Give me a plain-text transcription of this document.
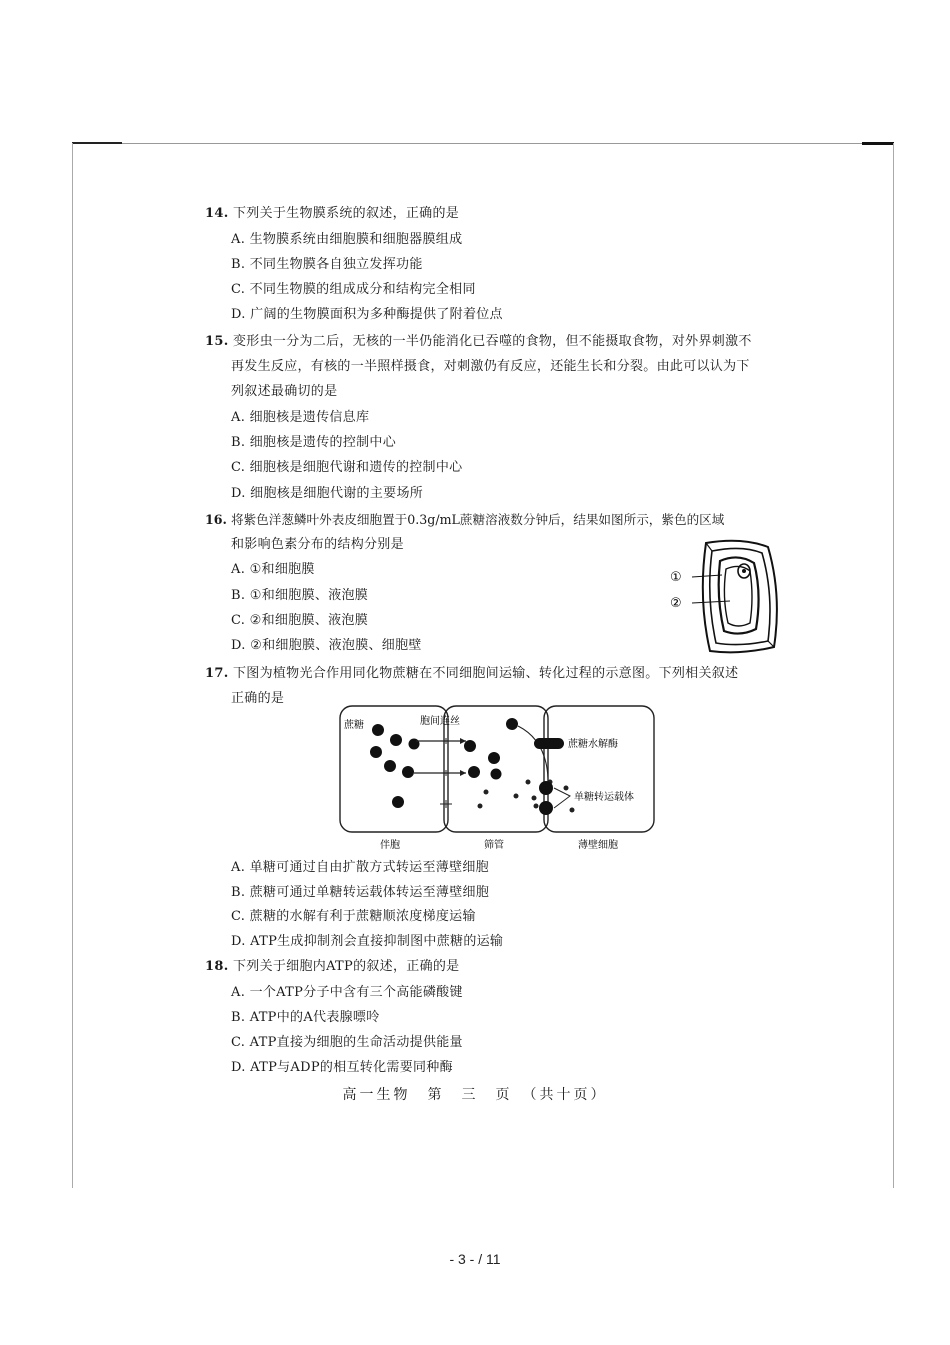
14. 下列关于生物膜系统的叙述，正确的是
A. 生物膜系统由细胞膜和细胞器膜组成
B. 不同生物膜各自独立发挥功能
C. 不同生物膜的组成成分和结构完全相同
D. 广阔的生物膜面积为多种酶提供了附着位点
15. 变形虫一分为二后，无核的一半仍能消化已吞噬的食物，但不能摄取食物，对外界刺激不
再发生反应，有核的一半照样摄食，对刺激仍有反应，还能生长和分裂。由此可以认为下
列叙述最确切的是
A. 细胞核是遗传信息库
B. 细胞核是遗传的控制中心
C. 细胞核是细胞代谢和遗传的控制中心
D. 细胞核是细胞代谢的主要场所
16. 将紫色洋葱鳞叶外表皮细胞置于0.3g/mL蔗糖溶液数分钟后，结果如图所示，紫色的区域
和影响色素分布的结构分别是
A. ①和细胞膜
B. ①和细胞膜、液泡膜
C. ②和细胞膜、液泡膜
D. ②和细胞膜、液泡膜、细胞壁
①
②
17. 下图为植物光合作用同化物蔗糖在不同细胞间运输、转化过程的示意图。下列相关叙述
正确的是
蔗糖	胞间连丝
蔗糖水解酶
单糖转运载体
伴胞	筛管	薄壁细胞
A. 单糖可通过自由扩散方式转运至薄壁细胞
B. 蔗糖可通过单糖转运载体转运至薄壁细胞
C. 蔗糖的水解有利于蔗糖顺浓度梯度运输
D. ATP生成抑制剂会直接抑制图中蔗糖的运输
18. 下列关于细胞内ATP的叙述，正确的是
A. 一个ATP分子中含有三个高能磷酸键
B. ATP中的A代表腺嘌呤
C. ATP直接为细胞的生命活动提供能量
D. ATP与ADP的相互转化需要同种酶
高一生物　第　三　页　（共十页）
- 3 - / 11
